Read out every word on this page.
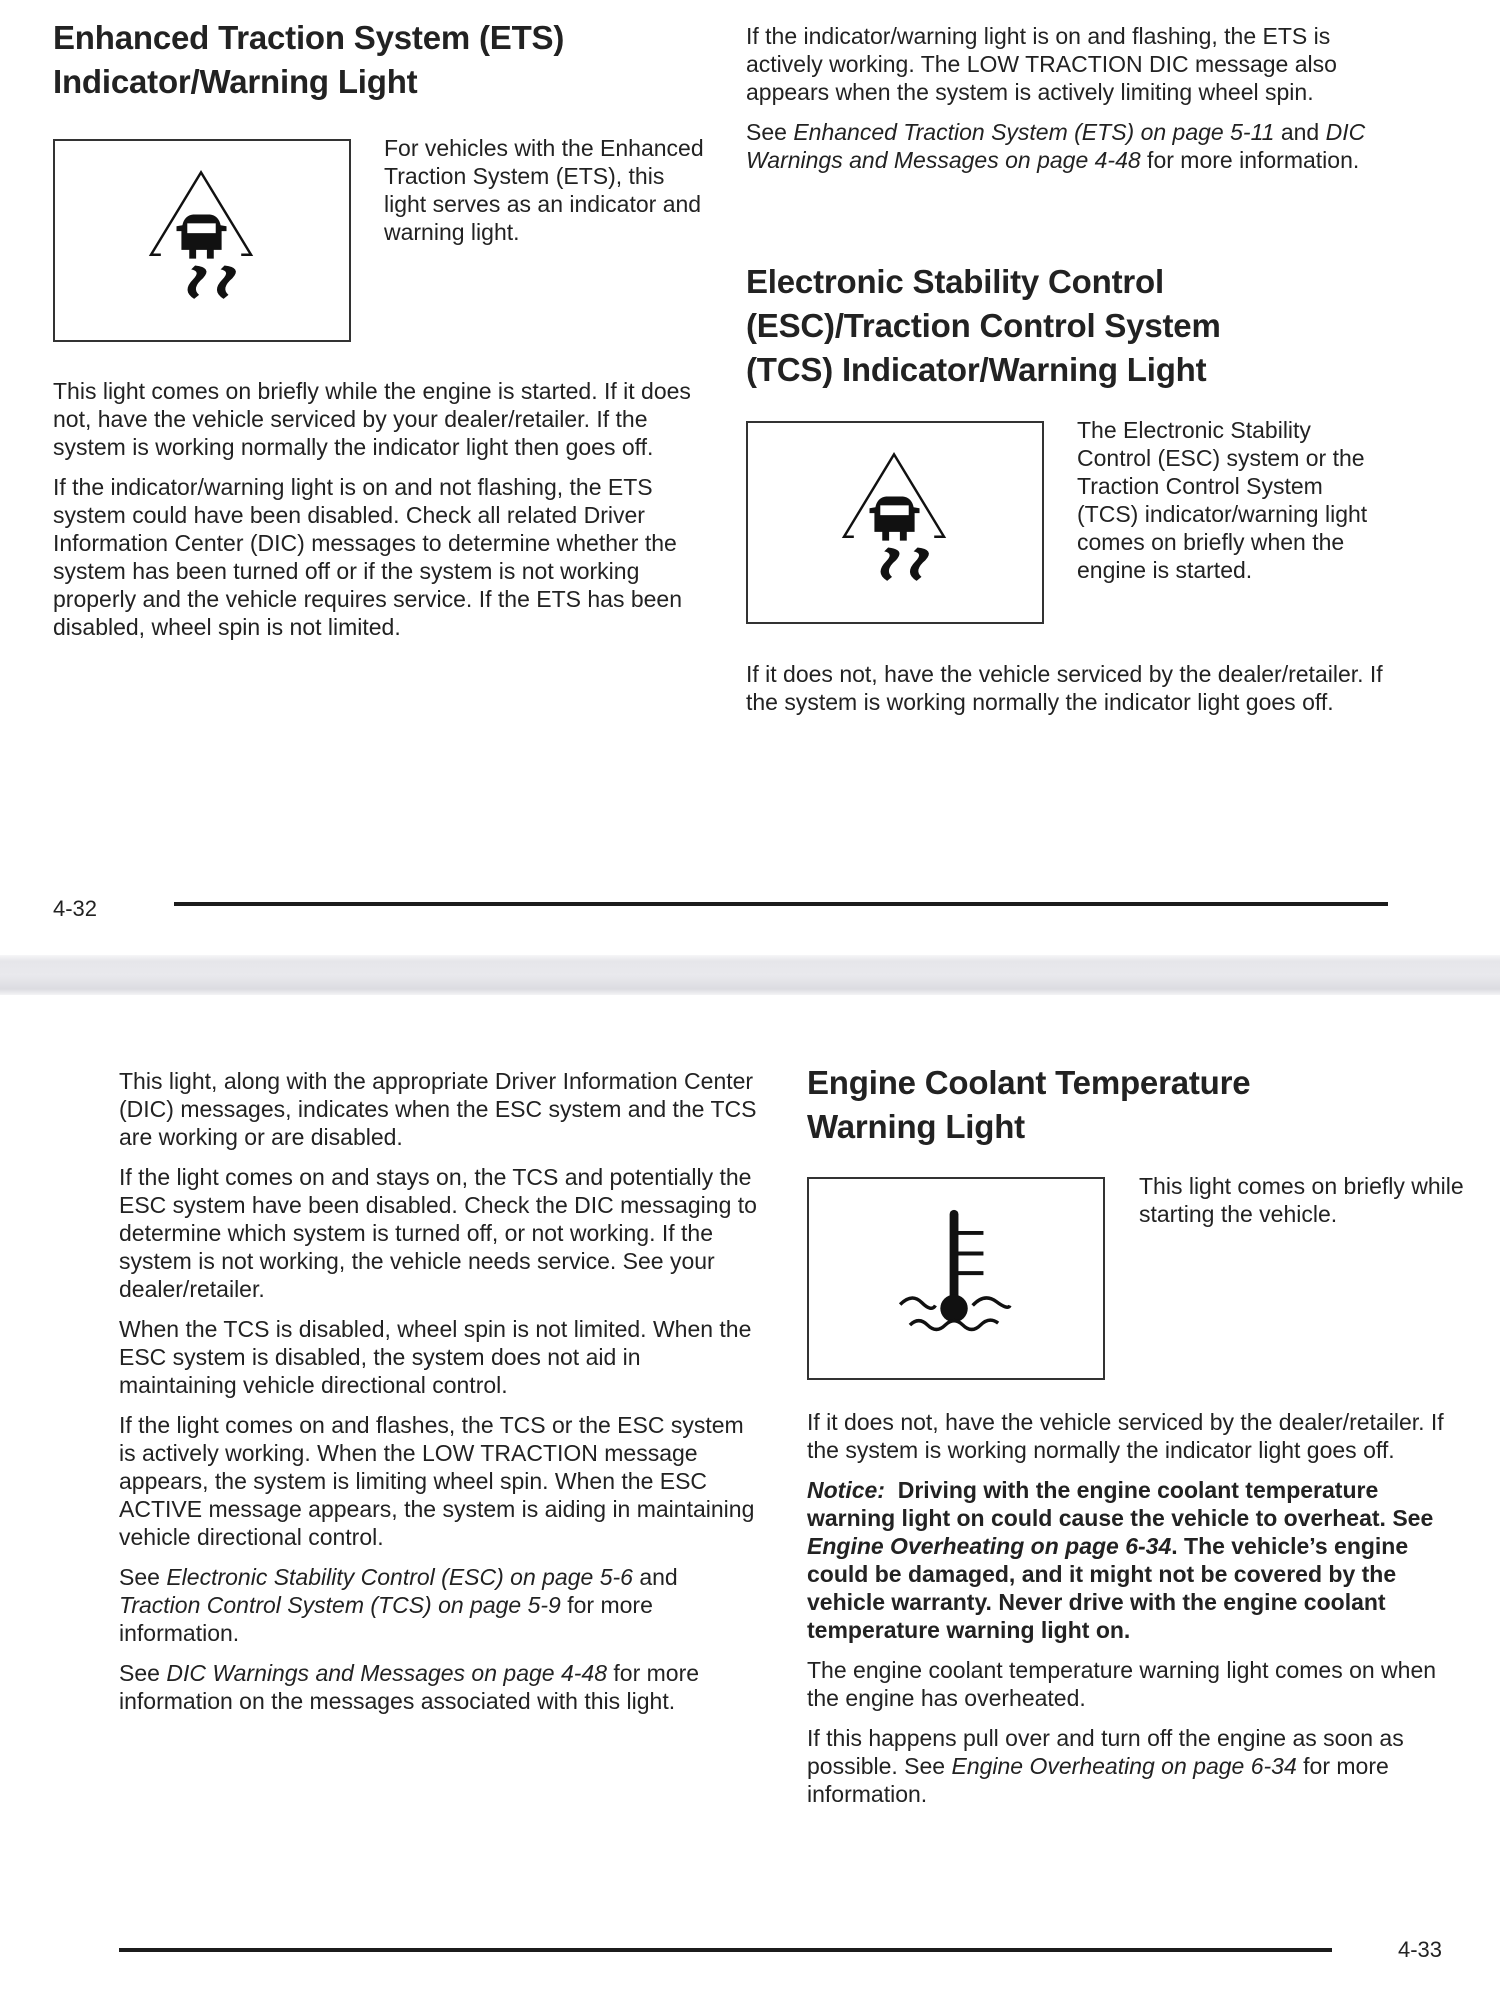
Enhanced Traction System (ETS) Indicator/Warning Light

For vehicles with the Enhanced Traction System (ETS), this light serves as an indicator and warning light.

This light comes on briefly while the engine is started. If it does not, have the vehicle serviced by your dealer/retailer. If the system is working normally the indicator light then goes off.

If the indicator/warning light is on and not flashing, the ETS system could have been disabled. Check all related Driver Information Center (DIC) messages to determine whether the system has been turned off or if the system is not working properly and the vehicle requires service. If the ETS has been disabled, wheel spin is not limited.

If the indicator/warning light is on and flashing, the ETS is actively working. The LOW TRACTION DIC message also appears when the system is actively limiting wheel spin.

See Enhanced Traction System (ETS) on page 5-11 and DIC Warnings and Messages on page 4-48 for more information.

Electronic Stability Control (ESC)/Traction Control System (TCS) Indicator/Warning Light

The Electronic Stability Control (ESC) system or the Traction Control System (TCS) indicator/warning light comes on briefly when the engine is started.

If it does not, have the vehicle serviced by the dealer/retailer. If the system is working normally the indicator light goes off.

4-32

This light, along with the appropriate Driver Information Center (DIC) messages, indicates when the ESC system and the TCS are working or are disabled.

If the light comes on and stays on, the TCS and potentially the ESC system have been disabled. Check the DIC messaging to determine which system is turned off, or not working. If the system is not working, the vehicle needs service. See your dealer/retailer.

When the TCS is disabled, wheel spin is not limited. When the ESC system is disabled, the system does not aid in maintaining vehicle directional control.

If the light comes on and flashes, the TCS or the ESC system is actively working. When the LOW TRACTION message appears, the system is limiting wheel spin. When the ESC ACTIVE message appears, the system is aiding in maintaining vehicle directional control.

See Electronic Stability Control (ESC) on page 5-6 and Traction Control System (TCS) on page 5-9 for more information.

See DIC Warnings and Messages on page 4-48 for more information on the messages associated with this light.

Engine Coolant Temperature Warning Light

This light comes on briefly while starting the vehicle.

If it does not, have the vehicle serviced by the dealer/retailer. If the system is working normally the indicator light goes off.

Notice: Driving with the engine coolant temperature warning light on could cause the vehicle to overheat. See Engine Overheating on page 6-34. The vehicle’s engine could be damaged, and it might not be covered by the vehicle warranty. Never drive with the engine coolant temperature warning light on.

The engine coolant temperature warning light comes on when the engine has overheated.

If this happens pull over and turn off the engine as soon as possible. See Engine Overheating on page 6-34 for more information.

4-33
